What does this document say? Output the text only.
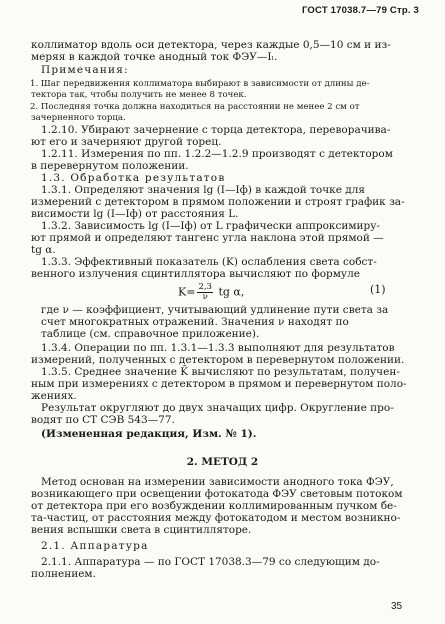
ГОСТ 17038.7—79 Стр. 3
коллиматор вдоль оси детектора, через каждые 0,5—10 см и из-
меряя в каждой точке анодный ток ФЭУ—Iₗ.
Примечания:
1. Шаг передвижения коллиматора выбирают в зависимости от длины де-
тектора так, чтобы получить не менее 8 точек.
2. Последняя точка должна находиться на расстоянии не менее 2 см от
зачерненного торца.
1.2.10. Убирают зачернение с торца детектора, переворачива-
ют его и зачерняют другой торец.
1.2.11. Измерения по пп. 1.2.2—1.2.9 производят с детектором
в перевернутом положении.
1.3. Обработка результатов
1.3.1. Определяют значения lg (I—Iф) в каждой точке для
измерений с детектором в прямом положении и строят график за-
висимости lg (I—Iф) от расстояния L.
1.3.2. Зависимость lg (I—Iф) от L графически аппроксимиру-
ют прямой и определяют тангенс угла наклона этой прямой —
tg α.
1.3.3. Эффективный показатель (K) ослабления света собст-
венного излучения сцинтиллятора вычисляют по формуле
где ν — коэффициент, учитывающий удлинение пути света за
счет многократных отражений. Значения ν находят по
таблице (см. справочное приложение).
1.3.4. Операции по пп. 1.3.1—1.3.3 выполняют для результатов
измерений, полученных с детектором в перевернутом положении.
1.3.5. Среднее значение K̄ вычисляют по результатам, получен-
ным при измерениях с детектором в прямом и перевернутом поло-
жениях.
Результат округляют до двух значащих цифр. Округление про-
водят по СТ СЭВ 543—77.
(Измененная редакция, Изм. № 1).
2. МЕТОД 2
Метод основан на измерении зависимости анодного тока ФЭУ,
возникающего при освещении фотокатода ФЭУ световым потоком
от детектора при его возбуждении коллимированным пучком бе-
та-частиц, от расстояния между фотокатодом и местом возникно-
вения вспышки света в сцинтилляторе.
2.1. Аппаратура
2.1.1. Аппаратура — по ГОСТ 17038.3—79 со следующим до-
полнением.
$K= \frac{2,3}{\nu}$ tg α,	(1)
35
